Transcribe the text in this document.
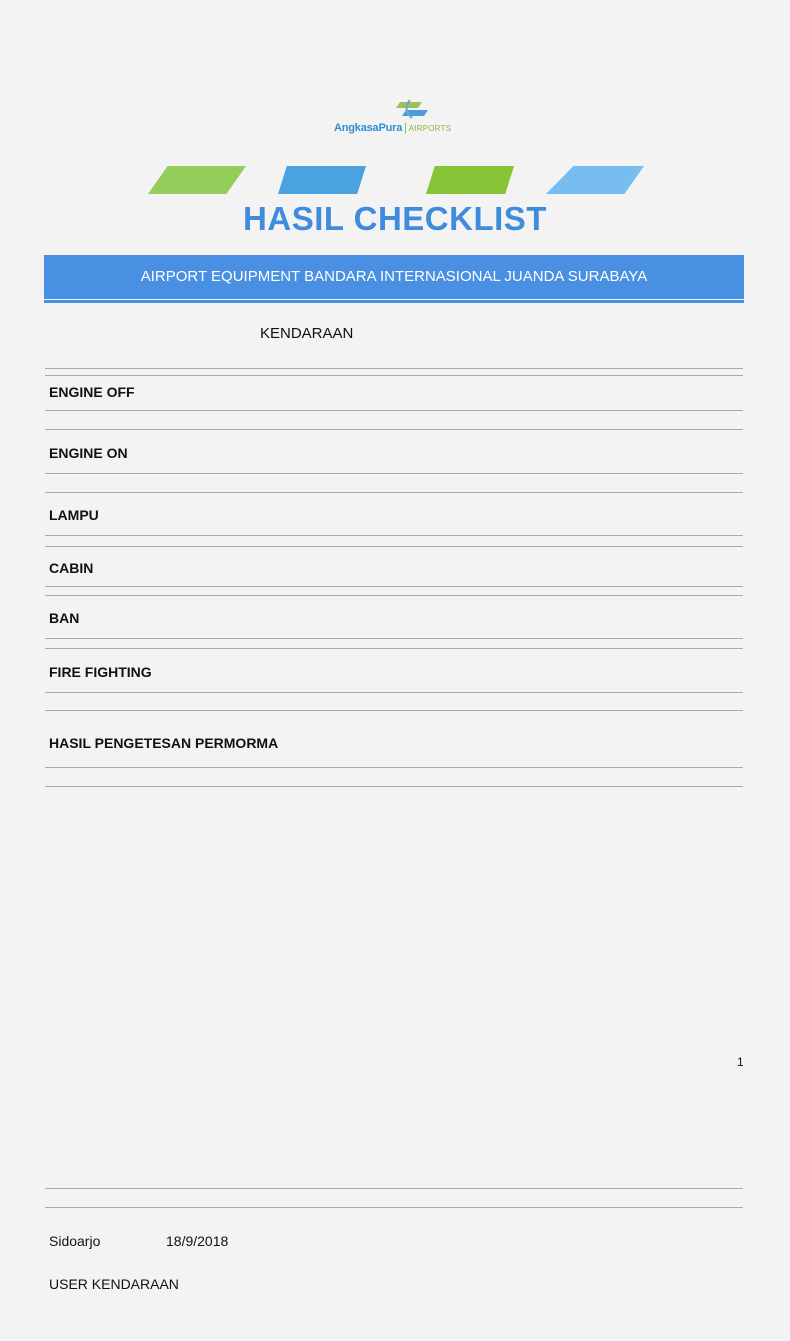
AngkasaPura | AIRPORTS
HASIL CHECKLIST
AIRPORT EQUIPMENT BANDARA INTERNASIONAL JUANDA SURABAYA
KENDARAAN
ENGINE OFF
ENGINE ON
LAMPU
CABIN
BAN
FIRE FIGHTING
HASIL PENGETESAN PERMORMA
1
Sidoarjo	18/9/2018
USER KENDARAAN
